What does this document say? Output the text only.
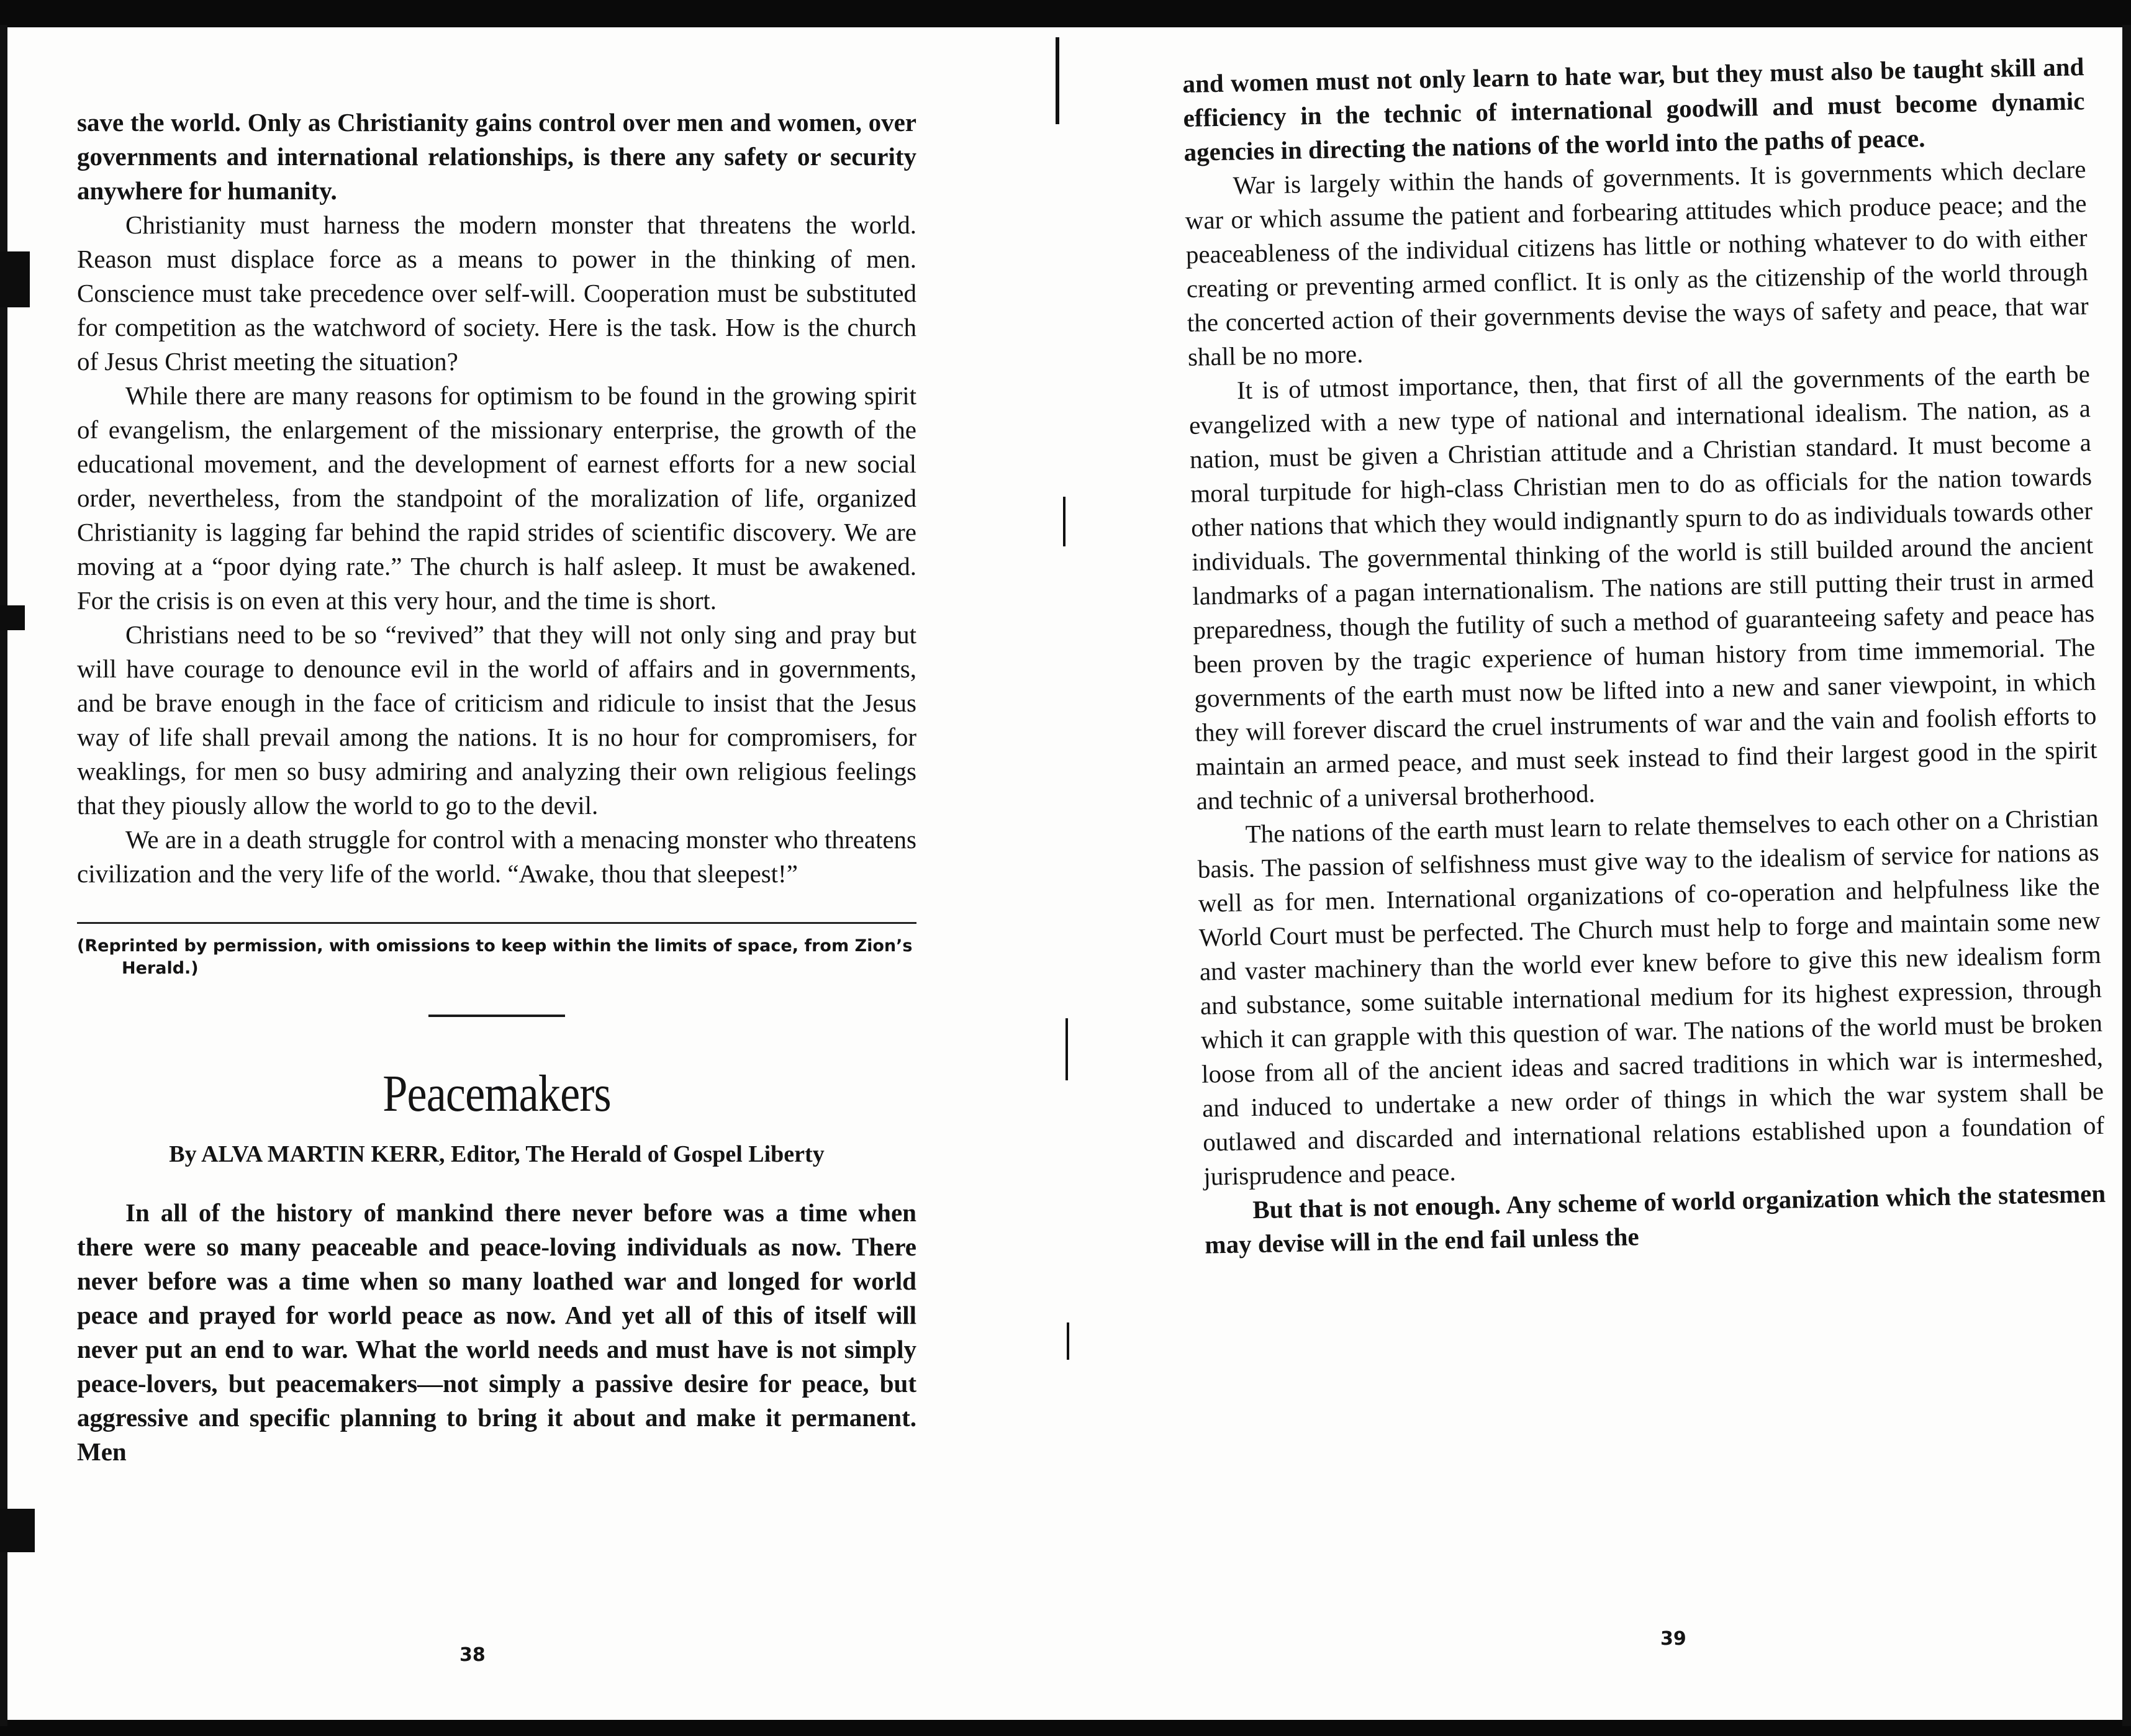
save the world. Only as Christianity gains control over men and women, over governments and international relationships, is there any safety or security anywhere for humanity.

Christianity must harness the modern monster that threatens the world. Reason must displace force as a means to power in the thinking of men. Conscience must take precedence over self-will. Cooperation must be substituted for competition as the watchword of society. Here is the task. How is the church of Jesus Christ meeting the situation?

While there are many reasons for optimism to be found in the growing spirit of evangelism, the enlargement of the missionary enterprise, the growth of the educational movement, and the development of earnest efforts for a new social order, nevertheless, from the standpoint of the moralization of life, organized Christianity is lagging far behind the rapid strides of scientific discovery. We are moving at a “poor dying rate.” The church is half asleep. It must be awakened. For the crisis is on even at this very hour, and the time is short.

Christians need to be so “revived” that they will not only sing and pray but will have courage to denounce evil in the world of affairs and in governments, and be brave enough in the face of criticism and ridicule to insist that the Jesus way of life shall prevail among the nations. It is no hour for compromisers, for weaklings, for men so busy admiring and analyzing their own religious feelings that they piously allow the world to go to the devil.

We are in a death struggle for control with a menacing monster who threatens civilization and the very life of the world. “Awake, thou that sleepest!”

(Reprinted by permission, with omissions to keep within the limits of space, from Zion’s Herald.)
Peacemakers
By ALVA MARTIN KERR, Editor, The Herald of Gospel Liberty

In all of the history of mankind there never before was a time when there were so many peaceable and peace-loving individuals as now. There never before was a time when so many loathed war and longed for world peace and prayed for world peace as now. And yet all of this of itself will never put an end to war. What the world needs and must have is not simply peace-lovers, but peacemakers—not simply a passive desire for peace, but aggressive and specific planning to bring it about and make it permanent. Men

38
39

and women must not only learn to hate war, but they must also be taught skill and efficiency in the technic of international goodwill and must become dynamic agencies in directing the nations of the world into the paths of peace.

War is largely within the hands of governments. It is governments which declare war or which assume the patient and forbearing attitudes which produce peace; and the peaceableness of the individual citizens has little or nothing whatever to do with either creating or preventing armed conflict. It is only as the citizenship of the world through the concerted action of their governments devise the ways of safety and peace, that war shall be no more.

It is of utmost importance, then, that first of all the governments of the earth be evangelized with a new type of national and international idealism. The nation, as a nation, must be given a Christian attitude and a Christian standard. It must become a moral turpitude for high-class Christian men to do as officials for the nation towards other nations that which they would indignantly spurn to do as individuals towards other individuals. The governmental thinking of the world is still builded around the ancient landmarks of a pagan internationalism. The nations are still putting their trust in armed preparedness, though the futility of such a method of guaranteeing safety and peace has been proven by the tragic experience of human history from time immemorial. The governments of the earth must now be lifted into a new and saner viewpoint, in which they will forever discard the cruel instruments of war and the vain and foolish efforts to maintain an armed peace, and must seek instead to find their largest good in the spirit and technic of a universal brotherhood.

The nations of the earth must learn to relate themselves to each other on a Christian basis. The passion of selfishness must give way to the idealism of service for nations as well as for men. International organizations of co-operation and helpfulness like the World Court must be perfected. The Church must help to forge and maintain some new and vaster machinery than the world ever knew before to give this new idealism form and substance, some suitable international medium for its highest expression, through which it can grapple with this question of war. The nations of the world must be broken loose from all of the ancient ideas and sacred traditions in which war is intermeshed, and induced to undertake a new order of things in which the war system shall be outlawed and discarded and international relations established upon a foundation of jurisprudence and peace.

But that is not enough. Any scheme of world organization which the statesmen may devise will in the end fail unless the
